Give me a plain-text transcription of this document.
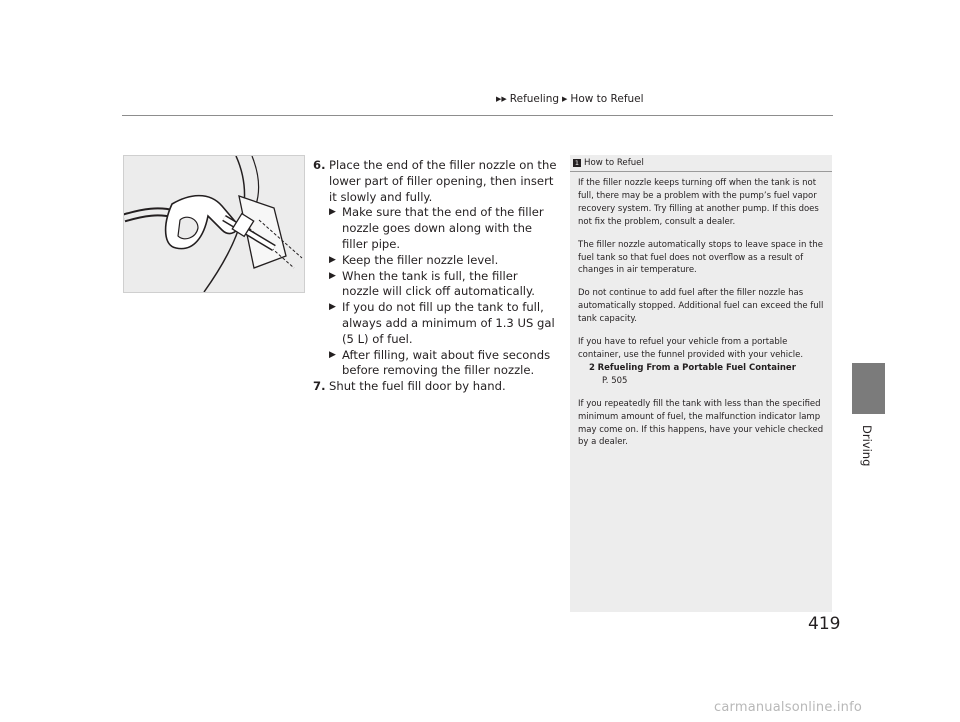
▶▶ Refueling ▶ How to Refuel
Driving
6. Place the end of the filler nozzle on the lower part of filler opening, then insert it slowly and fully.
▶ Make sure that the end of the filler nozzle goes down along with the filler pipe.
▶ Keep the filler nozzle level.
▶ When the tank is full, the filler nozzle will click off automatically.
▶ If you do not fill up the tank to full, always add a minimum of 1.3 US gal (5 L) of fuel.
▶ After filling, wait about five seconds before removing the filler nozzle.
7. Shut the fuel fill door by hand.
1 How to Refuel

If the filler nozzle keeps turning off when the tank is not full, there may be a problem with the pump’s fuel vapor recovery system. Try filling at another pump. If this does not fix the problem, consult a dealer.

The filler nozzle automatically stops to leave space in the fuel tank so that fuel does not overflow as a result of changes in air temperature.

Do not continue to add fuel after the filler nozzle has automatically stopped. Additional fuel can exceed the full tank capacity.

If you have to refuel your vehicle from a portable container, use the funnel provided with your vehicle.

2 Refueling From a Portable Fuel Container
P. 505

If you repeatedly fill the tank with less than the specified minimum amount of fuel, the malfunction indicator lamp may come on. If this happens, have your vehicle checked by a dealer.

419
carmanualsonline.info
